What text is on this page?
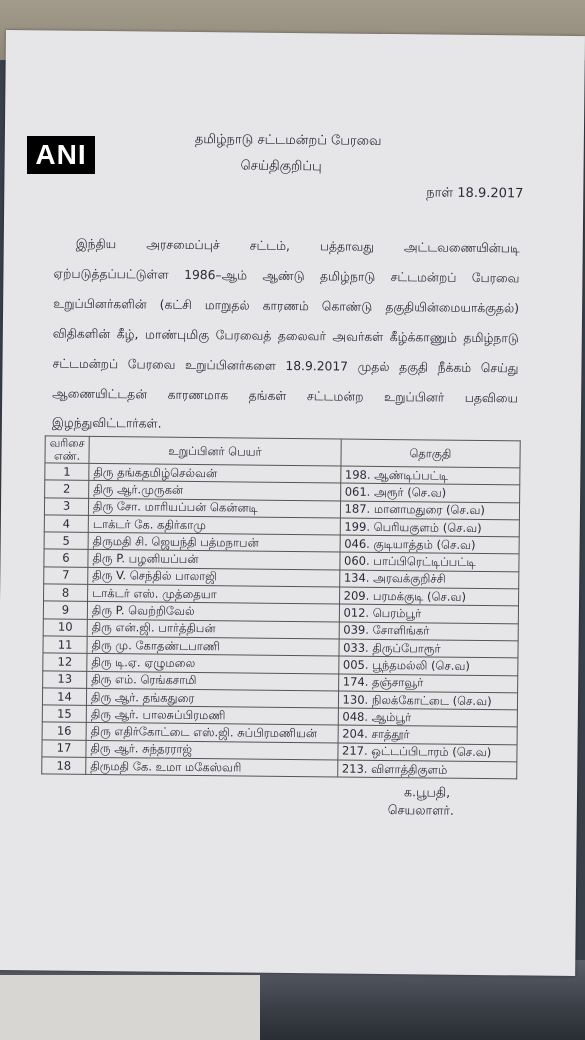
தமிழ்நாடு சட்டமன்றப் பேரவை
செய்திகுறிப்பு
நாள் 18.9.2017
இந்திய அரசமைப்புச் சட்டம், பத்தாவது அட்டவணையின்படி
ஏற்படுத்தப்பட்டுள்ள 1986–ஆம் ஆண்டு தமிழ்நாடு சட்டமன்றப் பேரவை
உறுப்பினர்களின் (கட்சி மாறுதல் காரணம் கொண்டு தகுதியின்மையாக்குதல்)
விதிகளின் கீழ், மாண்புமிகு பேரவைத் தலைவர் அவர்கள் கீழ்க்காணும் தமிழ்நாடு
சட்டமன்றப் பேரவை உறுப்பினர்களை 18.9.2017 முதல் தகுதி நீக்கம் செய்து
ஆணையிட்டதன் காரணமாக தங்கள் சட்டமன்ற உறுப்பினர் பதவியை
இழந்துவிட்டார்கள்.
வரிசை எண்.	உறுப்பினர் பெயர்	தொகுதி
1	திரு தங்கதமிழ்செல்வன்	198. ஆண்டிப்பட்டி
2	திரு ஆர்.முருகன்	061. அரூர் (செ.வ)
3	திரு சோ. மாரியப்பன் கென்னடி	187. மானாமதுரை (செ.வ)
4	டாக்டர் கே. கதிர்காமு	199. பெரியகுளம் (செ.வ)
5	திருமதி சி. ஜெயந்தி பத்மநாபன்	046. குடியாத்தம் (செ.வ)
6	திரு P. பழனியப்பன்	060. பாப்பிரெட்டிப்பட்டி
7	திரு V. செந்தில் பாலாஜி	134. அரவக்குறிச்சி
8	டாக்டர் எஸ். முத்தையா	209. பரமக்குடி (செ.வ)
9	திரு P. வெற்றிவேல்	012. பெரம்பூர்
10	திரு என்.ஜி. பார்த்திபன்	039. சோளிங்கர்
11	திரு மு. கோதண்டபாணி	033. திருப்போரூர்
12	திரு டி.ஏ. ஏழுமலை	005. பூந்தமல்லி (செ.வ)
13	திரு எம். ரெங்கசாமி	174. தஞ்சாவூர்
14	திரு ஆர். தங்கதுரை	130. நிலக்கோட்டை (செ.வ)
15	திரு ஆர். பாலசுப்பிரமணி	048. ஆம்பூர்
16	திரு எதிர்கோட்டை எஸ்.ஜி. சுப்பிரமணியன்	204. சாத்தூர்
17	திரு ஆர். சுந்தரராஜ்	217. ஒட்டப்பிடாரம் (செ.வ)
18	திருமதி கே. உமா மகேஸ்வரி	213. விளாத்திகுளம்
க.பூபதி,
செயலாளர்.
ANI
